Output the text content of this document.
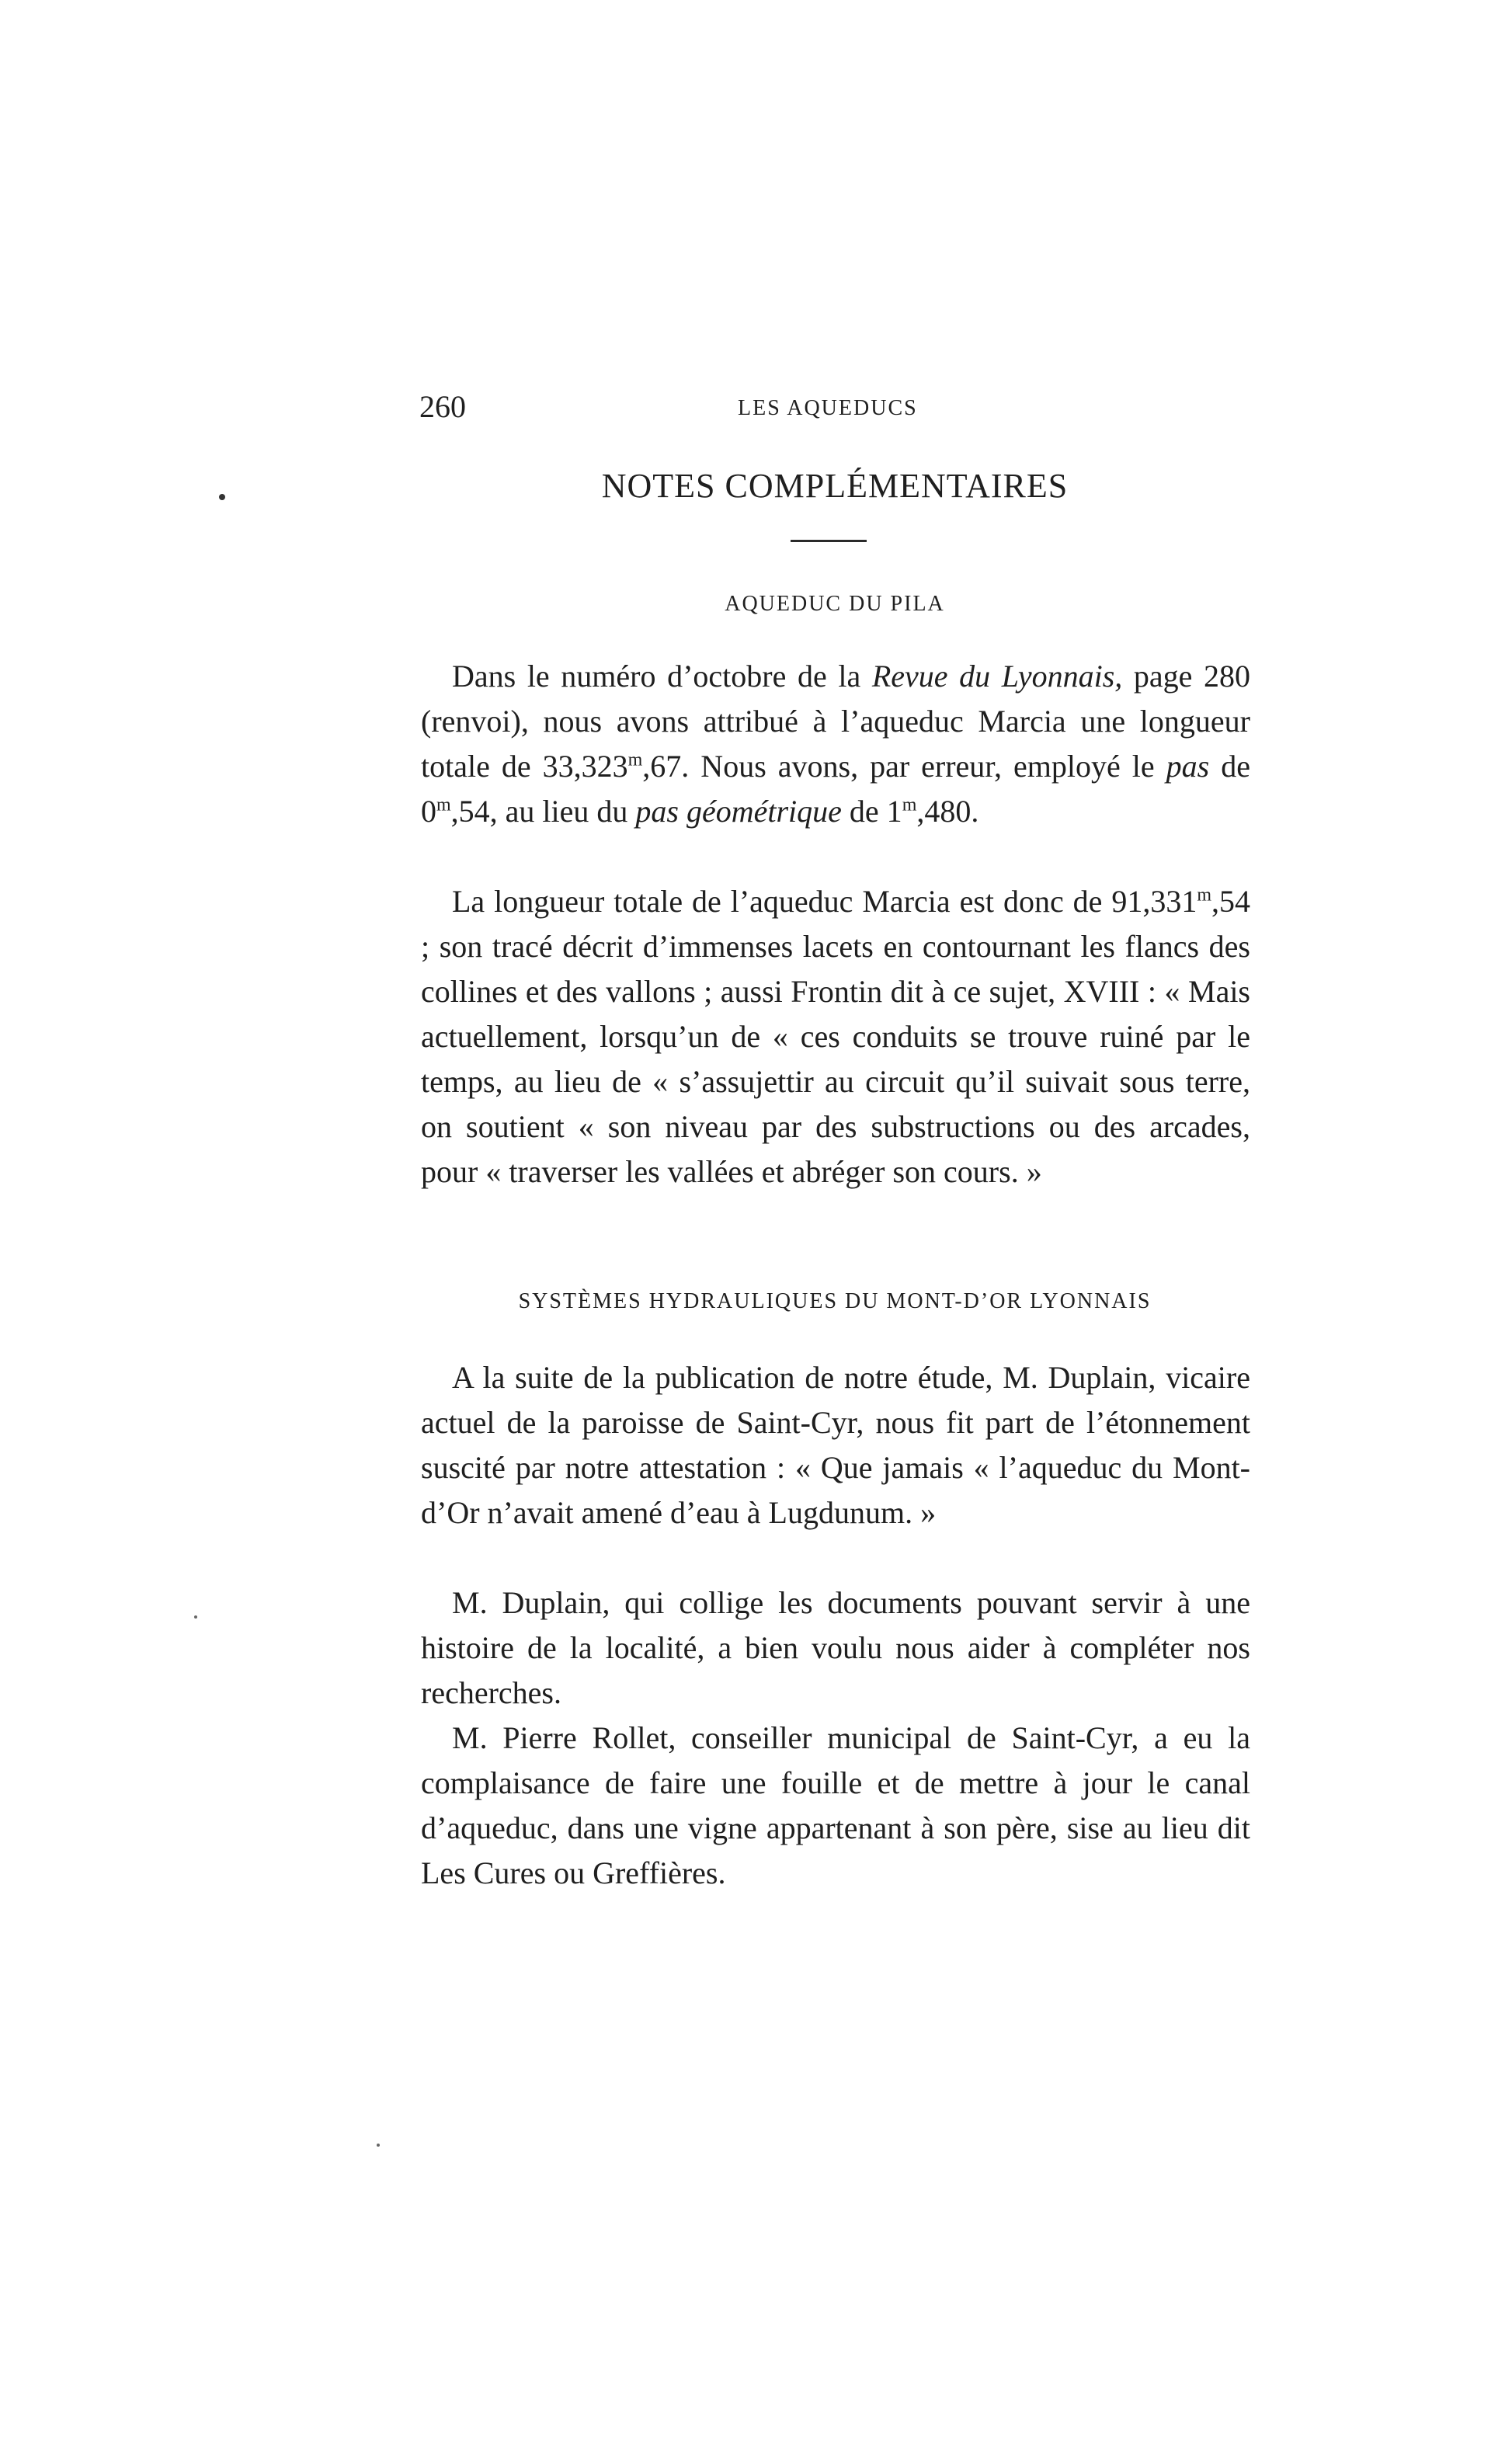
260	LES AQUEDUCS
NOTES COMPLÉMENTAIRES
AQUEDUC DU PILA

Dans le numéro d’octobre de la Revue du Lyonnais, page 280 (renvoi), nous avons attribué à l’aqueduc Marcia une longueur totale de 33,323$^m$,67. Nous avons, par erreur, employé le pas de 0$^m$,54, au lieu du pas géométrique de 1$^m$,480.

La longueur totale de l’aqueduc Marcia est donc de 91,331$^m$,54 ; son tracé décrit d’immenses lacets en contournant les flancs des collines et des vallons ; aussi Frontin dit à ce sujet, XVIII : « Mais actuellement, lorsqu’un de « ces conduits se trouve ruiné par le temps, au lieu de « s’assujettir au circuit qu’il suivait sous terre, on soutient « son niveau par des substructions ou des arcades, pour « traverser les vallées et abréger son cours. »

SYSTÈMES HYDRAULIQUES DU MONT-D’OR LYONNAIS

A la suite de la publication de notre étude, M. Duplain, vicaire actuel de la paroisse de Saint-Cyr, nous fit part de l’étonnement suscité par notre attestation : « Que jamais « l’aqueduc du Mont-d’Or n’avait amené d’eau à Lugdunum. »

M. Duplain, qui collige les documents pouvant servir à une histoire de la localité, a bien voulu nous aider à compléter nos recherches.

M. Pierre Rollet, conseiller municipal de Saint-Cyr, a eu la complaisance de faire une fouille et de mettre à jour le canal d’aqueduc, dans une vigne appartenant à son père, sise au lieu dit Les Cures ou Greffières.
